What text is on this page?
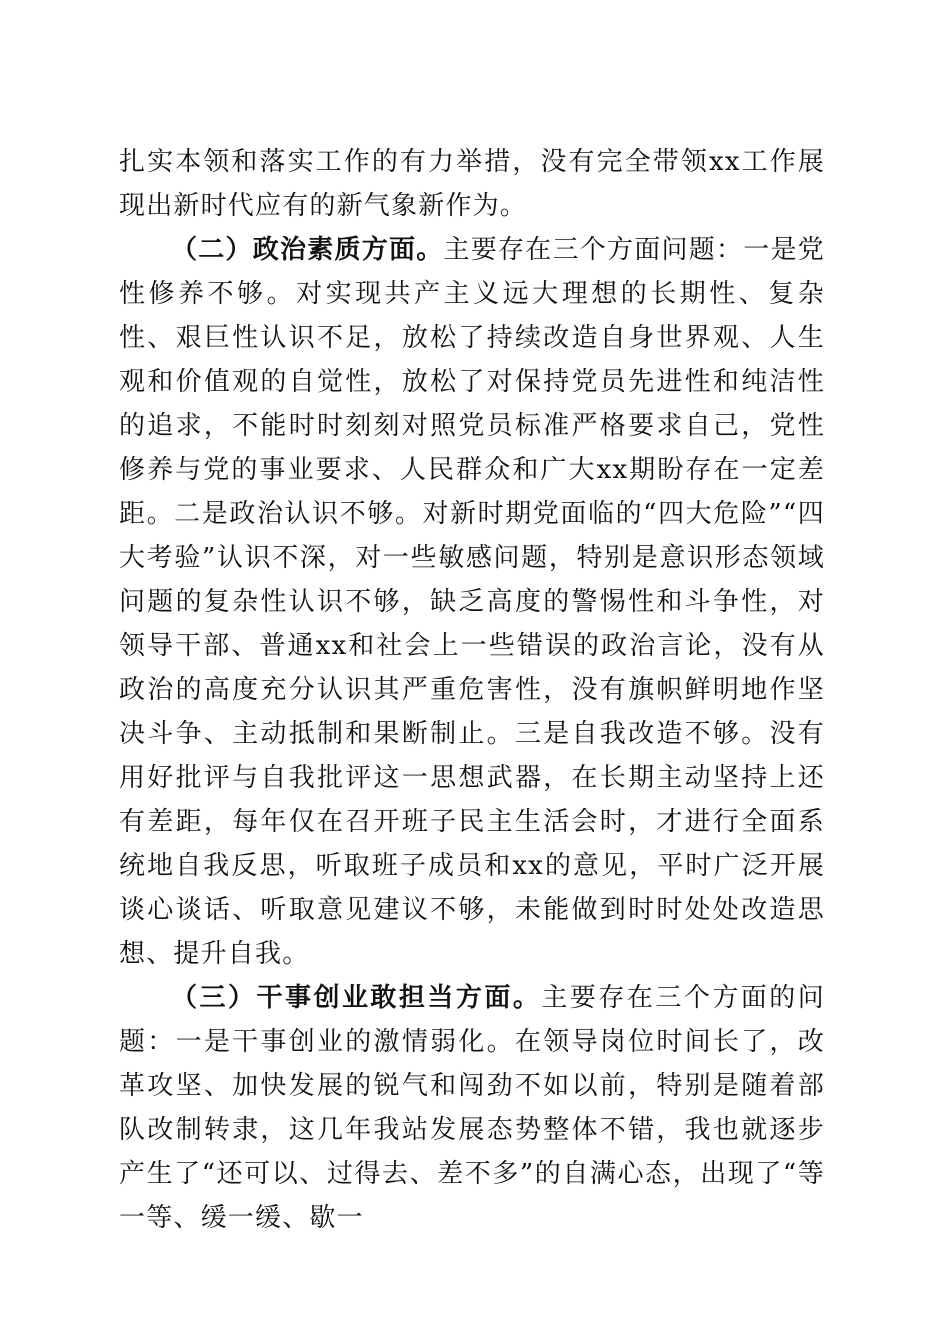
扎实本领和落实工作的有力举措，没有完全带领xx工作展现出新时代应有的新气象新作为。

（二）政治素质方面。主要存在三个方面问题：一是党性修养不够。对实现共产主义远大理想的长期性、复杂性、艰巨性认识不足，放松了持续改造自身世界观、人生观和价值观的自觉性，放松了对保持党员先进性和纯洁性的追求，不能时时刻刻对照党员标准严格要求自己，党性修养与党的事业要求、人民群众和广大xx期盼存在一定差距。二是政治认识不够。对新时期党面临的“四大危险”“四大考验”认识不深，对一些敏感问题，特别是意识形态领域问题的复杂性认识不够，缺乏高度的警惕性和斗争性，对领导干部、普通xx和社会上一些错误的政治言论，没有从政治的高度充分认识其严重危害性，没有旗帜鲜明地作坚决斗争、主动抵制和果断制止。三是自我改造不够。没有用好批评与自我批评这一思想武器，在长期主动坚持上还有差距，每年仅在召开班子民主生活会时，才进行全面系统地自我反思，听取班子成员和xx的意见，平时广泛开展谈心谈话、听取意见建议不够，未能做到时时处处改造思想、提升自我。

（三）干事创业敢担当方面。主要存在三个方面的问题：一是干事创业的激情弱化。在领导岗位时间长了，改革攻坚、加快发展的锐气和闯劲不如以前，特别是随着部队改制转隶，这几年我站发展态势整体不错，我也就逐步产生了“还可以、过得去、差不多”的自满心态，出现了“等一等、缓一缓、歇一
